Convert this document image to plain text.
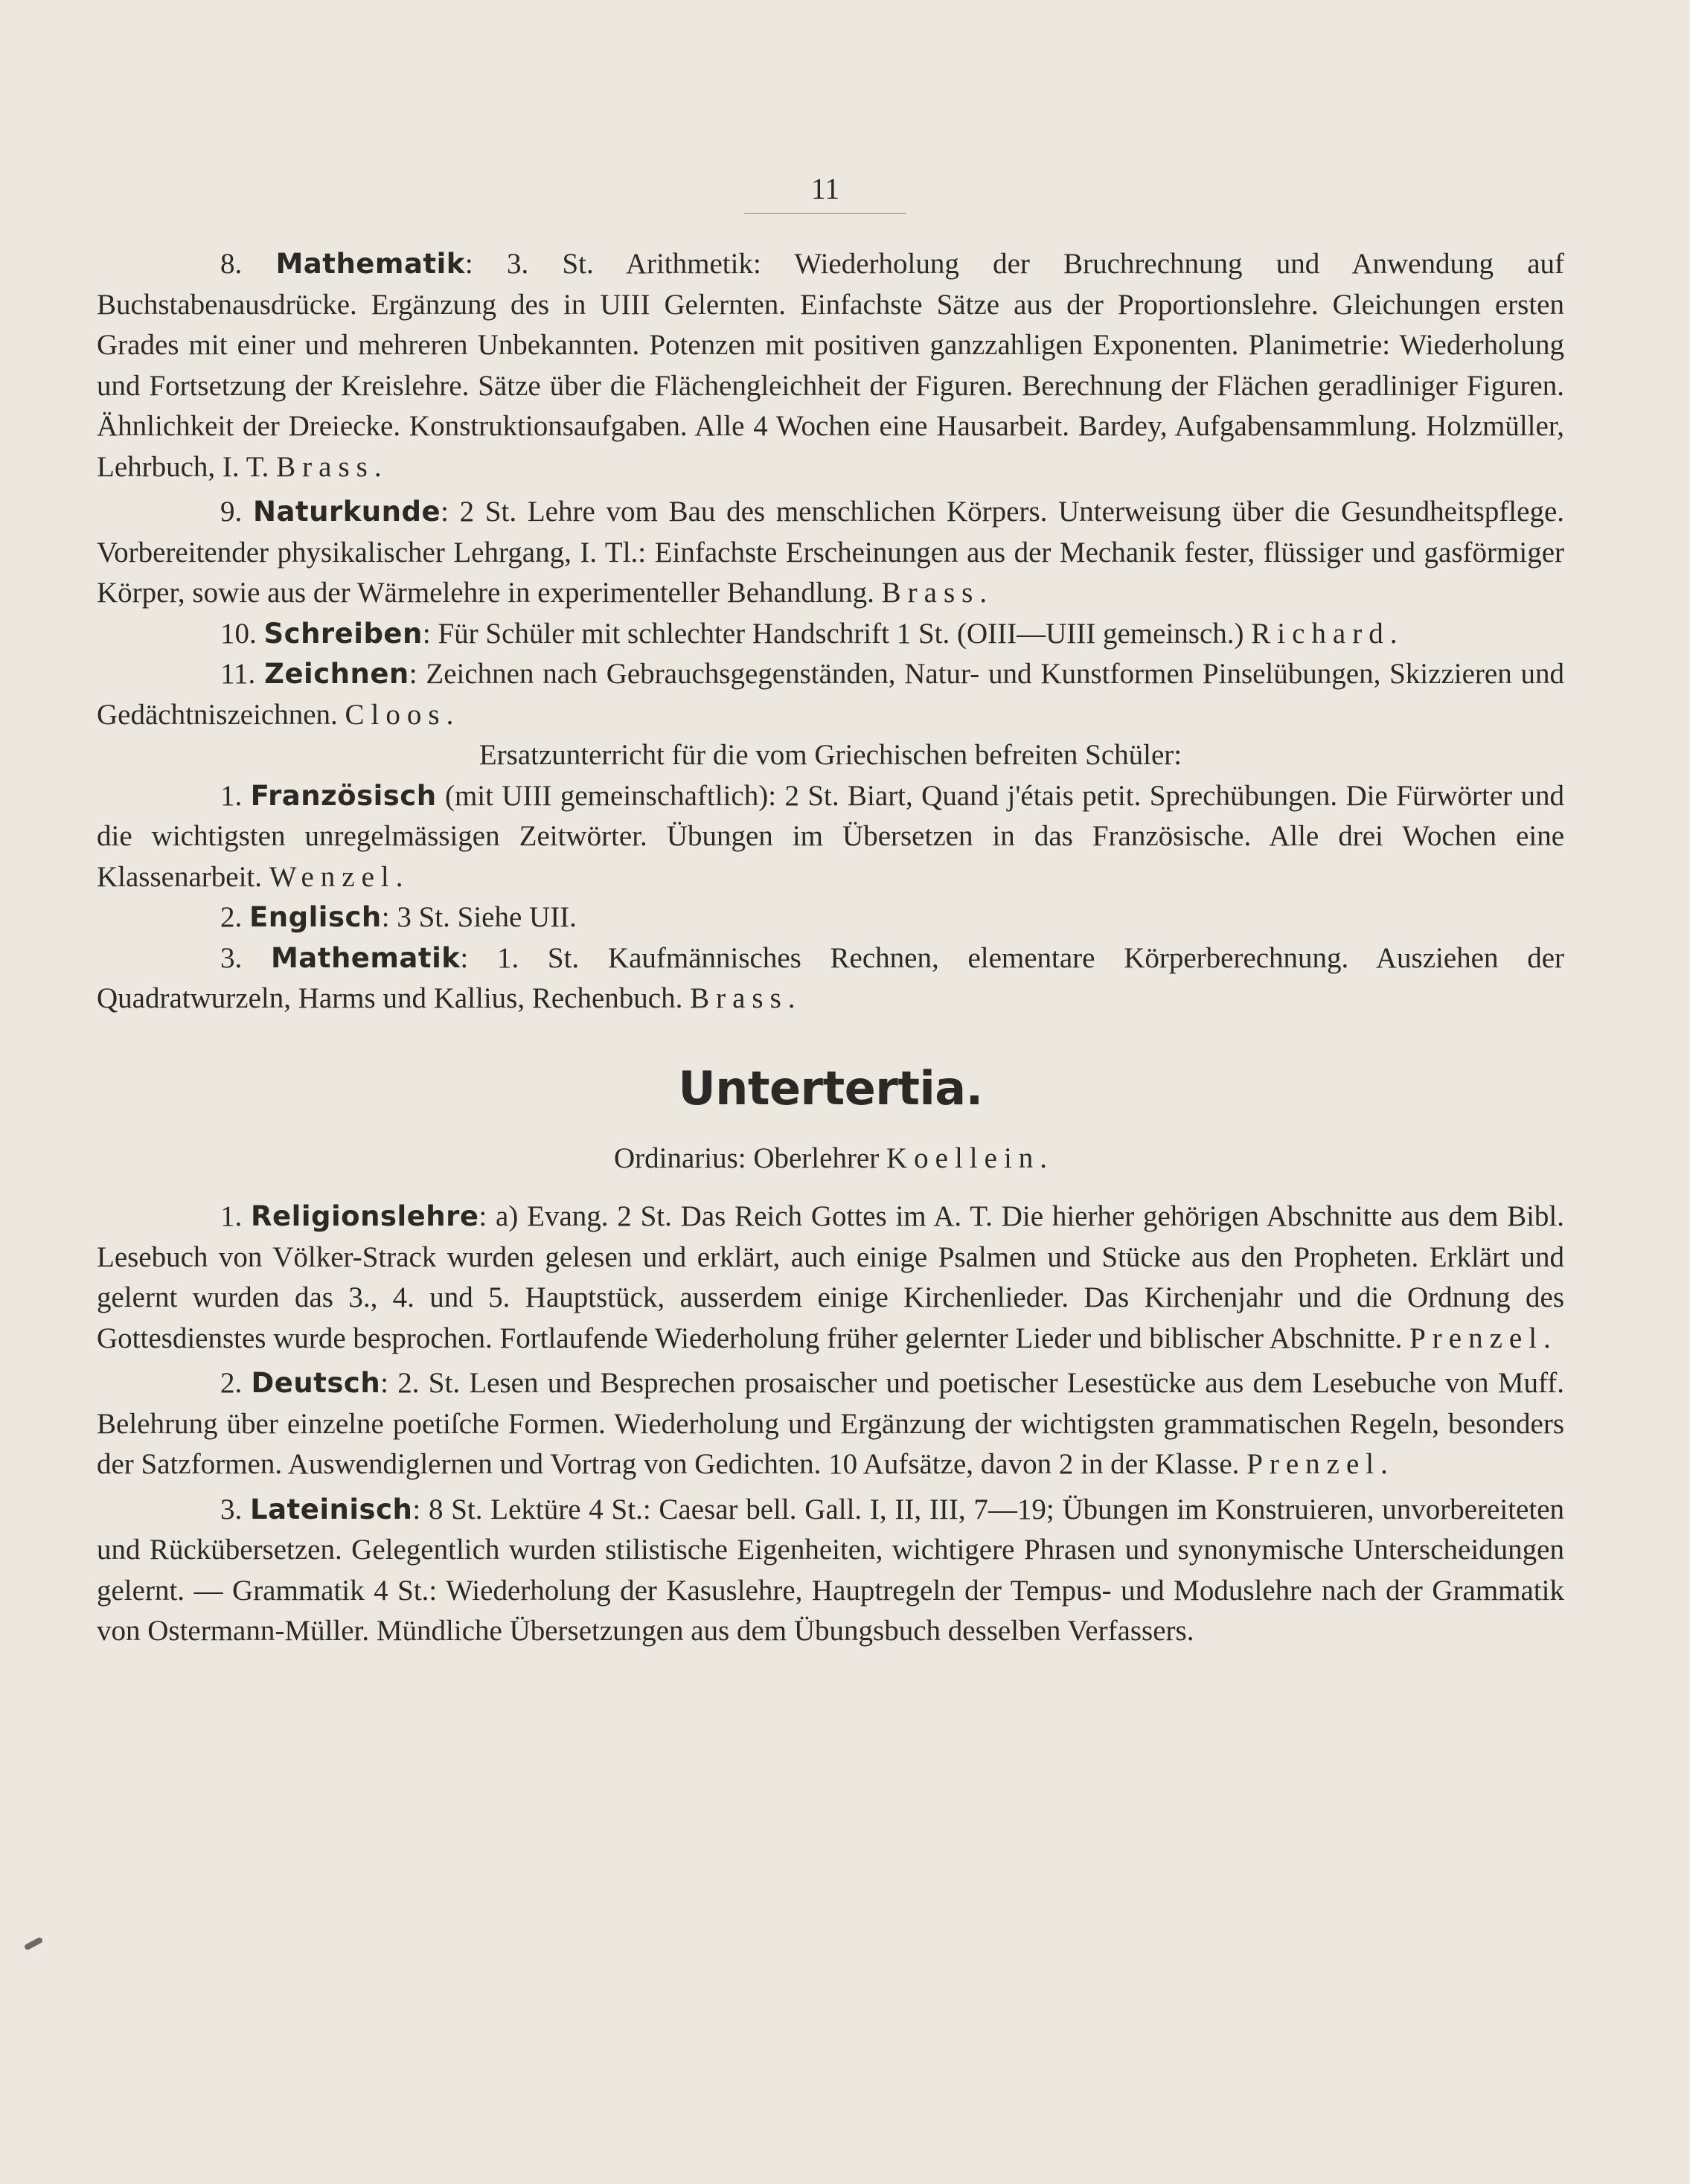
11

8. Mathematik: 3. St. Arithmetik: Wiederholung der Bruchrechnung und Anwendung auf Buchstabenausdrücke. Ergänzung des in UIII Gelernten. Einfachste Sätze aus der Proportionslehre. Gleichungen ersten Grades mit einer und mehreren Unbekannten. Potenzen mit positiven ganzzahligen Exponenten. Planimetrie: Wiederholung und Fortsetzung der Kreislehre. Sätze über die Flächengleichheit der Figuren. Berechnung der Flächen geradliniger Figuren. Ähnlichkeit der Dreiecke. Konstruktionsaufgaben. Alle 4 Wochen eine Hausarbeit. Bardey, Aufgabensammlung. Holzmüller, Lehrbuch, I. T. Brass.

9. Naturkunde: 2 St. Lehre vom Bau des menschlichen Körpers. Unterweisung über die Gesundheitspflege. Vorbereitender physikalischer Lehrgang, I. Tl.: Einfachste Erscheinungen aus der Mechanik fester, flüssiger und gasförmiger Körper, sowie aus der Wärmelehre in experimenteller Behandlung. Brass.

10. Schreiben: Für Schüler mit schlechter Handschrift 1 St. (OIII—UIII gemeinsch.) Richard.

11. Zeichnen: Zeichnen nach Gebrauchsgegenständen, Natur- und Kunstformen Pinselübungen, Skizzieren und Gedächtniszeichnen. Cloos.

Ersatzunterricht für die vom Griechischen befreiten Schüler:

1. Französisch (mit UIII gemeinschaftlich): 2 St. Biart, Quand j'étais petit. Sprechübungen. Die Fürwörter und die wichtigsten unregelmässigen Zeitwörter. Übungen im Übersetzen in das Französische. Alle drei Wochen eine Klassenarbeit. Wenzel.

2. Englisch: 3 St. Siehe UII.

3. Mathematik: 1. St. Kaufmännisches Rechnen, elementare Körperberechnung. Ausziehen der Quadratwurzeln, Harms und Kallius, Rechenbuch. Brass.

Untertertia.

Ordinarius: Oberlehrer Koellein.

1. Religionslehre: a) Evang. 2 St. Das Reich Gottes im A. T. Die hierher gehörigen Abschnitte aus dem Bibl. Lesebuch von Völker-Strack wurden gelesen und erklärt, auch einige Psalmen und Stücke aus den Propheten. Erklärt und gelernt wurden das 3., 4. und 5. Hauptstück, ausserdem einige Kirchenlieder. Das Kirchenjahr und die Ordnung des Gottesdienstes wurde besprochen. Fortlaufende Wiederholung früher gelernter Lieder und biblischer Abschnitte. Prenzel.

2. Deutsch: 2. St. Lesen und Besprechen prosaischer und poetischer Lesestücke aus dem Lesebuche von Muff. Belehrung über einzelne poetiſche Formen. Wiederholung und Ergänzung der wichtigsten grammatischen Regeln, besonders der Satzformen. Auswendiglernen und Vortrag von Gedichten. 10 Aufsätze, davon 2 in der Klasse. Prenzel.

3. Lateinisch: 8 St. Lektüre 4 St.: Caesar bell. Gall. I, II, III, 7—19; Übungen im Konstruieren, unvorbereiteten und Rückübersetzen. Gelegentlich wurden stilistische Eigenheiten, wichtigere Phrasen und synonymische Unterscheidungen gelernt. — Grammatik 4 St.: Wiederholung der Kasuslehre, Hauptregeln der Tempus- und Moduslehre nach der Grammatik von Ostermann-Müller. Mündliche Übersetzungen aus dem Übungsbuch desselben Verfassers.
